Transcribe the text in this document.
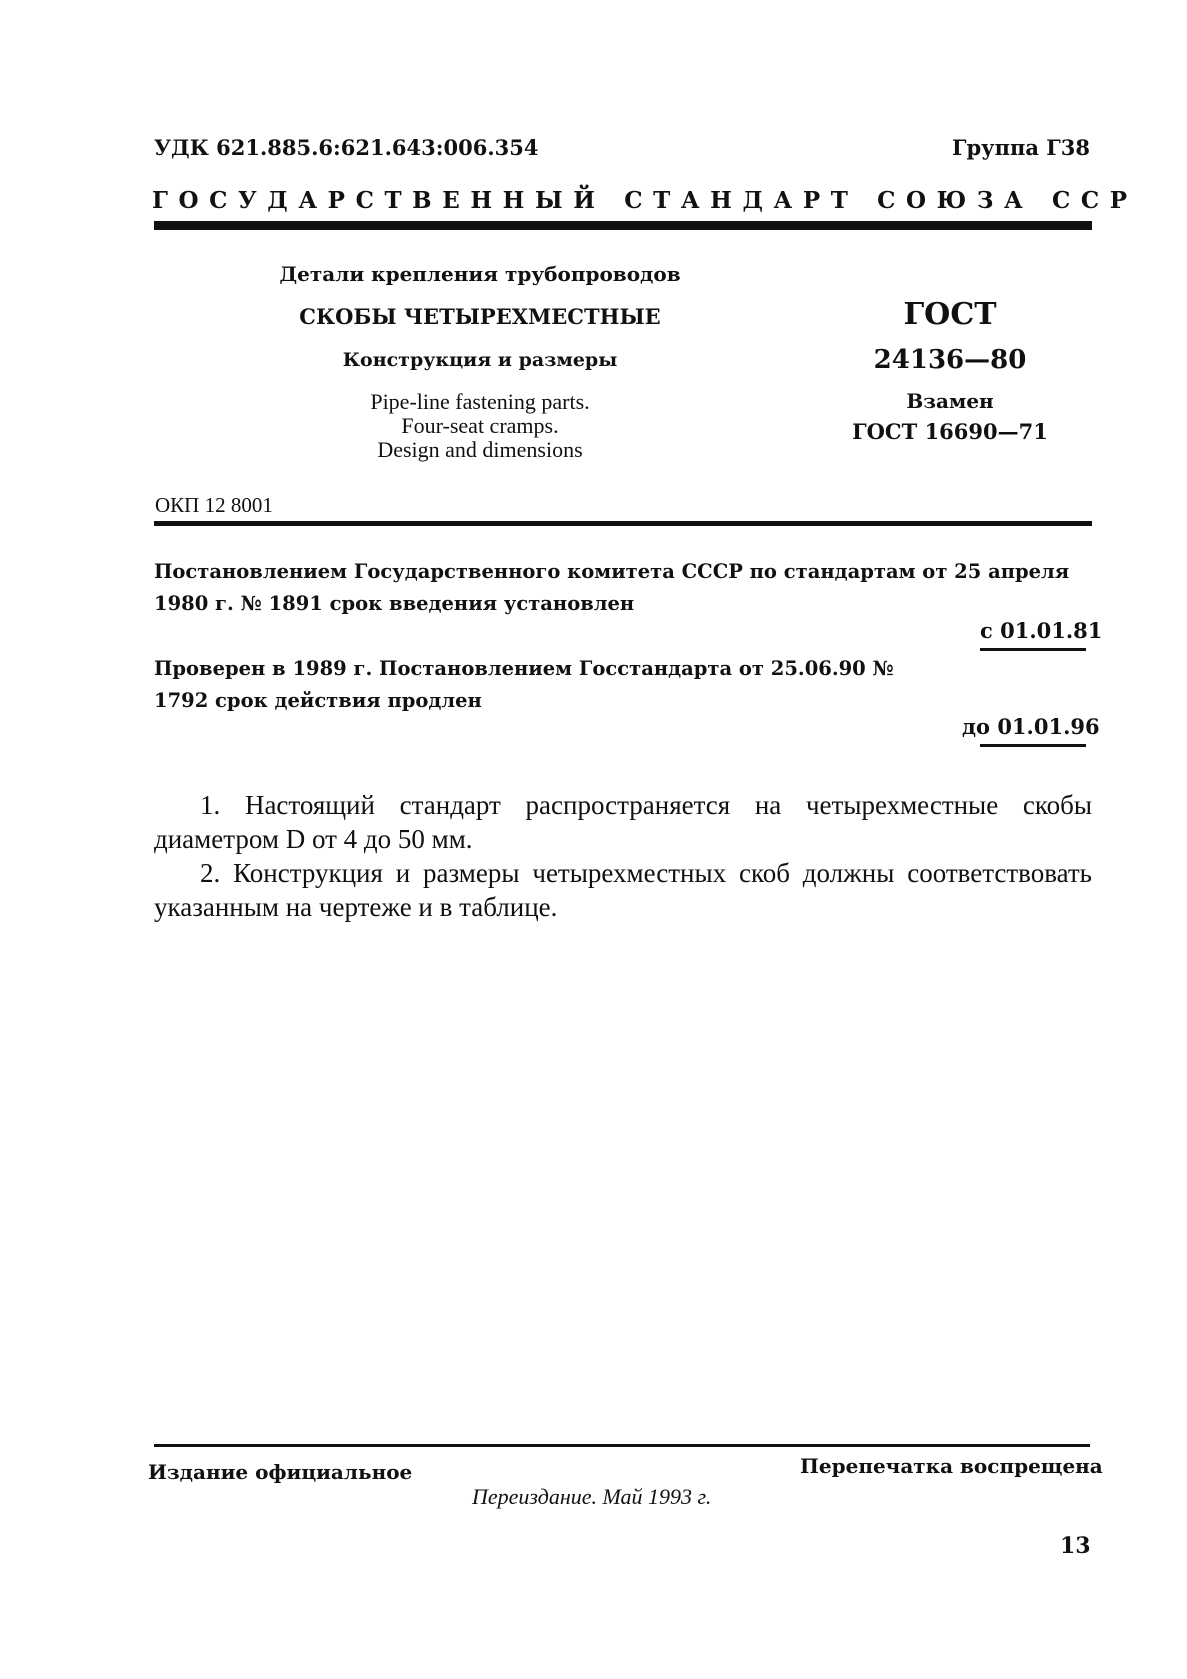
УДК 621.885.6:621.643:006.354	Группа Г38
ГОСУДАРСТВЕННЫЙ СТАНДАРТ СОЮЗА ССР
Детали крепления трубопроводов
СКОБЫ ЧЕТЫРЕХМЕСТНЫЕ
Конструкция и размеры
Pipe-line fastening parts.
Four-seat cramps.
Design and dimensions
ГОСТ
24136—80
Взамен
ГОСТ 16690—71
ОКП 12 8001
Постановлением Государственного комитета СССР по стандартам от 25 апреля 1980 г. № 1891 срок введения установлен
с 01.01.81
Проверен в 1989 г. Постановлением Госстандарта от 25.06.90 № 1792 срок действия продлен
до 01.01.96

1. Настоящий стандарт распространяется на четырехместные скобы диаметром D от 4 до 50 мм.

2. Конструкция и размеры четырехместных скоб должны соответствовать указанным на чертеже и в таблице.

Издание официальное	Перепечатка воспрещена
Переиздание. Май 1993 г.
13
